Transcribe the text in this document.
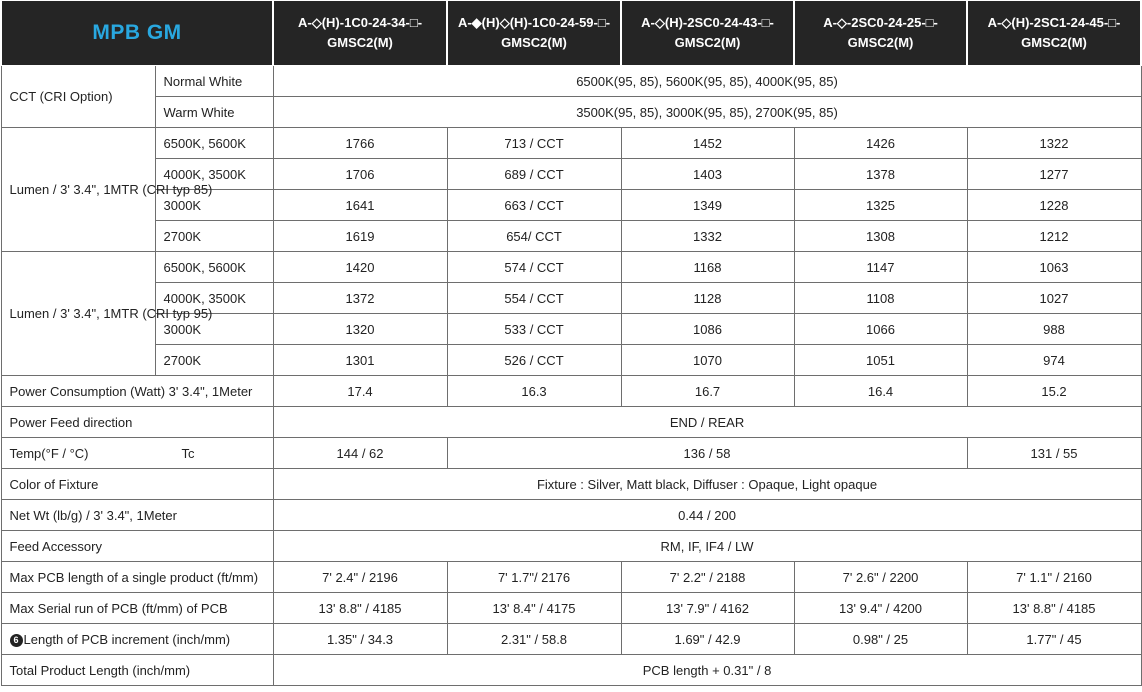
MPB GM		A-◇(H)-1C0-24-34-□-GMSC2(M)	A-◆(H)◇(H)-1C0-24-59-□-GMSC2(M)	A-◇(H)-2SC0-24-43-□-GMSC2(M)	A-◇-2SC0-24-25-□-GMSC2(M)	A-◇(H)-2SC1-24-45-□-GMSC2(M)
CCT (CRI Option)	Normal White	6500K(95, 85), 5600K(95, 85), 4000K(95, 85)				
	Warm White	3500K(95, 85), 3000K(95, 85), 2700K(95, 85)				
Lumen / 3' 3.4", 1MTR (CRI typ 85)	6500K, 5600K	1766	713 / CCT	1452	1426	1322
	4000K, 3500K	1706	689 / CCT	1403	1378	1277
	3000K	1641	663 / CCT	1349	1325	1228
	2700K	1619	654/ CCT	1332	1308	1212
Lumen / 3' 3.4", 1MTR (CRI typ 95)	6500K, 5600K	1420	574 / CCT	1168	1147	1063
	4000K, 3500K	1372	554 / CCT	1128	1108	1027
	3000K	1320	533 / CCT	1086	1066	988
	2700K	1301	526 / CCT	1070	1051	974
Power Consumption (Watt) 3' 3.4", 1Meter		17.4	16.3	16.7	16.4	15.2
Power Feed direction		END / REAR				

Temp(°F / °C) Tc		144 / 62	136 / 58			131 / 55
Color of Fixture		Fixture : Silver, Matt black, Diffuser : Opaque, Light opaque				
Net Wt (lb/g) / 3' 3.4", 1Meter		0.44 / 200				
Feed Accessory		RM, IF, IF4 / LW				
Max PCB length of a single product (ft/mm)		7' 2.4" / 2196	7' 1.7"/ 2176	7' 2.2" / 2188	7' 2.6" / 2200	7' 1.1" / 2160
Max Serial run of PCB (ft/mm) of PCB		13' 8.8" / 4185	13' 8.4" / 4175	13' 7.9" / 4162	13' 9.4" / 4200	13' 8.8" / 4185
6 Length of PCB increment (inch/mm)		1.35" / 34.3	2.31" / 58.8	1.69" / 42.9	0.98" / 25	1.77" / 45
Total Product Length (inch/mm)		PCB length + 0.31" / 8				
